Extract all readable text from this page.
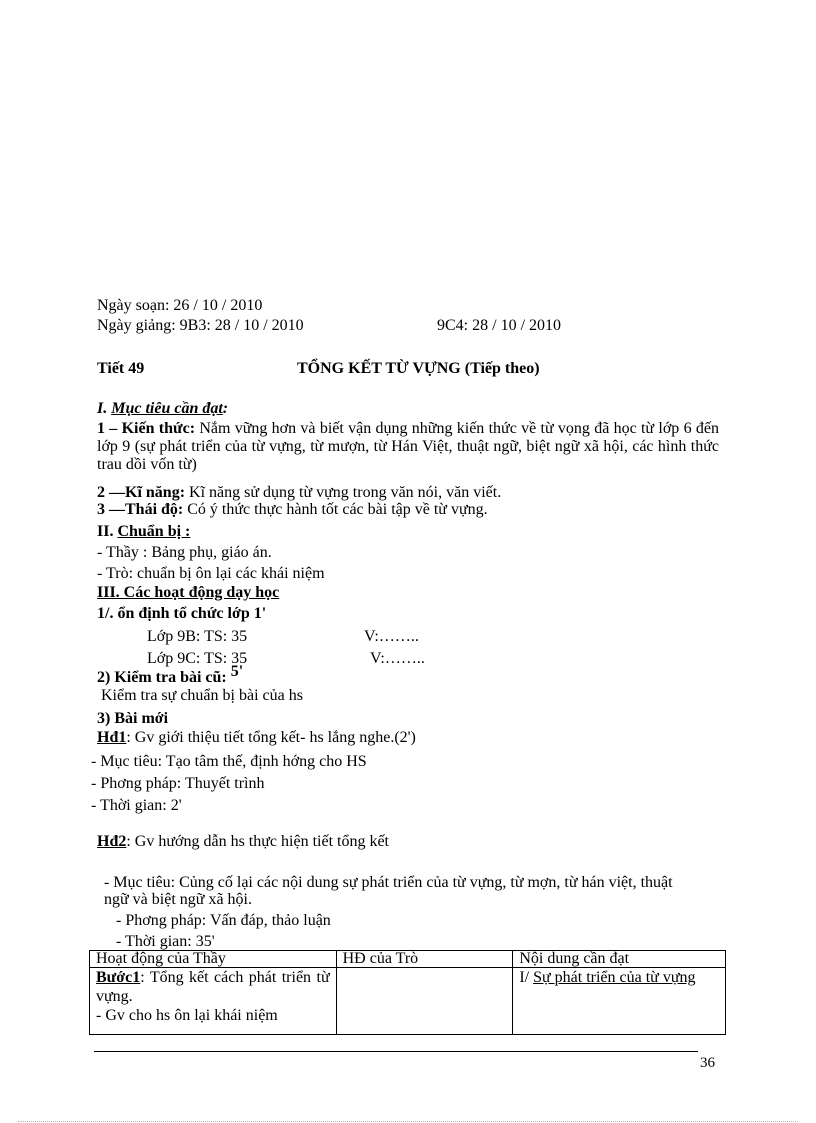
Ngày soạn: 26 / 10 / 2010
Ngày giảng: 9B3: 28 / 10 / 2010	9C4: 28 / 10 / 2010
Tiết 49	TỔNG KẾT TỪ VỰNG (Tiếp theo)
I. Mục tiêu cần đạt:
1 – Kiến thức: Nắm vững hơn và biết vận dụng những kiến thức về từ vọng đã học từ lớp 6 đến lớp 9 (sự phát triển của từ vựng, từ mượn, từ Hán Việt, thuật ngữ, biệt ngữ xã hội, các hình thức trau dồi vốn từ)
2 —Kĩ năng: Kĩ năng sử dụng từ vựng trong văn nói, văn viết.
3 —Thái độ: Có ý thức thực hành tốt các bài tập về từ vựng.
II. Chuẩn bị :
- Thầy : Bảng phụ, giáo án.
- Trò: chuẩn bị ôn lại các khái niệm
III. Các hoạt động dạy học
1/. ổn định tổ chức lớp 1'
Lớp 9B: TS: 35	V:……..
Lớp 9C: TS: 35	V:……..
2) Kiểm tra bài cũ: 5'
Kiểm tra sự chuẩn bị bài của hs
3) Bài mới
Hđ1: Gv giới thiệu tiết tổng kết- hs lắng nghe.(2')
- Mục tiêu: Tạo tâm thế, định hớng cho HS
- Phơng pháp: Thuyết trình
- Thời gian: 2'
Hđ2: Gv hướng dẫn hs thực hiện tiết tổng kết
- Mục tiêu: Củng cố lại các nội dung sự phát triển của từ vựng, từ mợn, từ hán việt, thuật ngữ và biệt ngữ xã hội.
- Phơng pháp: Vấn đáp, thảo luận
- Thời gian: 35'
Hoạt động của Thầy	HĐ của Trò	Nội dung cần đạt

Bước1: Tổng kết cách phát triển từ vựng.
- Gv cho hs ôn lại khái niệm		I/ Sự phát triển của từ vựng
36
